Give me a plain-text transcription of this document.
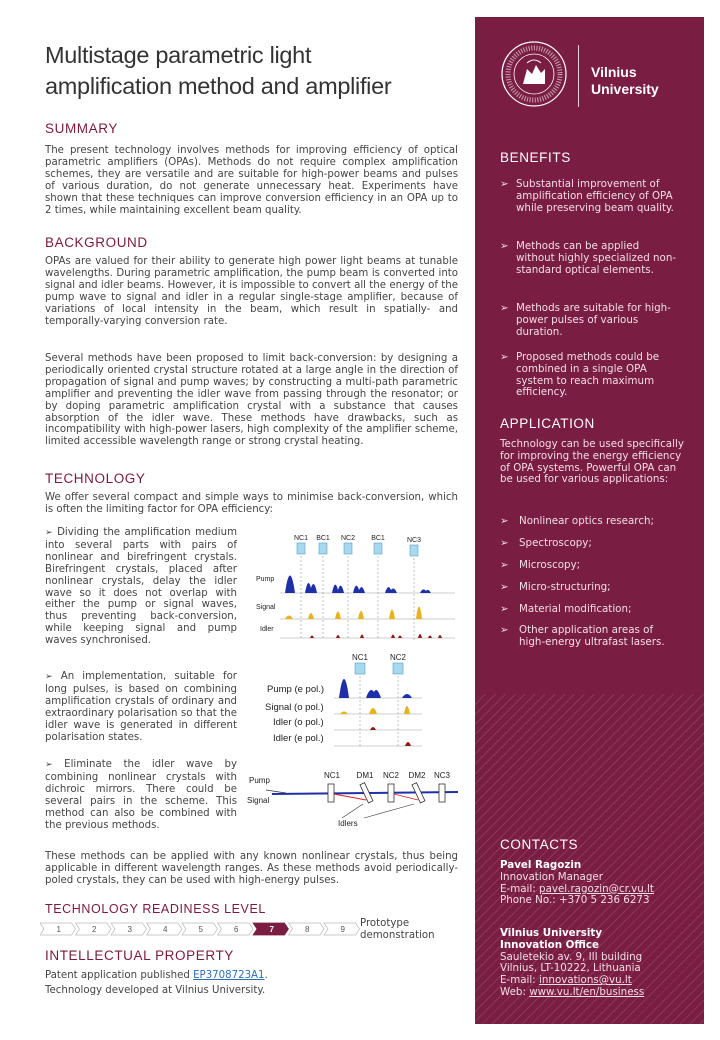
Multistage parametric light
amplification method and amplifier
SUMMARY
The present technology involves methods for improving efficiency of optical parametric amplifiers (OPAs). Methods do not require complex amplification schemes, they are versatile and are suitable for high-power beams and pulses of various duration, do not generate unnecessary heat. Experiments have shown that these techniques can improve conversion efficiency in an OPA up to 2 times, while maintaining excellent beam quality.
BACKGROUND
OPAs are valued for their ability to generate high power light beams at tunable wavelengths. During parametric amplification, the pump beam is converted into signal and idler beams. However, it is impossible to convert all the energy of the pump wave to signal and idler in a regular single-stage amplifier, because of variations of local intensity in the beam, which result in spatially- and temporally-varying conversion rate.
Several methods have been proposed to limit back-conversion: by designing a periodically oriented crystal structure rotated at a large angle in the direction of propagation of signal and pump waves; by constructing a multi-path parametric amplifier and preventing the idler wave from passing through the resonator; or by doping parametric amplification crystal with a substance that causes absorption of the idler wave. These methods have drawbacks, such as incompatibility with high-power lasers, high complexity of the amplifier scheme, limited accessible wavelength range or strong crystal heating.
TECHNOLOGY
We offer several compact and simple ways to minimise back-conversion, which is often the limiting factor for OPA efficiency:
➢ Dividing the amplification medium into several parts with pairs of nonlinear and birefringent crystals. Birefringent crystals, placed after nonlinear crystals, delay the idler wave so it does not overlap with either the pump or signal waves, thus preventing back-conversion, while keeping signal and pump waves synchronised.
➢ An implementation, suitable for long pulses, is based on combining amplification crystals of ordinary and extraordinary polarisation so that the idler wave is generated in different polarisation states.
➢ Eliminate the idler wave by combining nonlinear crystals with dichroic mirrors. There could be several pairs in the scheme. This method can also be combined with the previous methods.
NC1 BC1 NC2 BC1	NC3
Pump
Signal
Idler
NC1	NC2
Pump (e pol.)
Signal (o pol.)
Idler (o pol.)
Idler (e pol.)
NC1 DM1 NC2 DM2 NC3
Pump
Signal
Idlers
These methods can be applied with any known nonlinear crystals, thus being applicable in different wavelength ranges. As these methods avoid periodically-poled crystals, they can be used with high-energy pulses.
TECHNOLOGY READINESS LEVEL
1	2	3	4	5	6	7	8	9
Prototype
demonstration
INTELLECTUAL PROPERTY
Patent application published EP3708723A1.
Technology developed at Vilnius University.
Vilnius
University
BENEFITS
➢ Substantial improvement of amplification efficiency of OPA while preserving beam quality.
➢ Methods can be applied without highly specialized non-standard optical elements.
➢ Methods are suitable for high-power pulses of various duration.
➢ Proposed methods could be combined in a single OPA system to reach maximum efficiency.
APPLICATION
Technology can be used specifically for improving the energy efficiency of OPA systems. Powerful OPA can be used for various applications:
➢	Nonlinear optics research;
➢	Spectroscopy;
➢	Microscopy;
➢	Micro-structuring;
➢	Material modification;
➢	Other application areas of high-energy ultrafast lasers.
CONTACTS
Pavel Ragozin
Innovation Manager
E-mail: pavel.ragozin@cr.vu.lt
Phone No.: +370 5 236 6273
Vilnius University
Innovation Office
Sauletekio av. 9, III building
Vilnius, LT-10222, Lithuania
E-mail: innovations@vu.lt
Web: www.vu.lt/en/business
